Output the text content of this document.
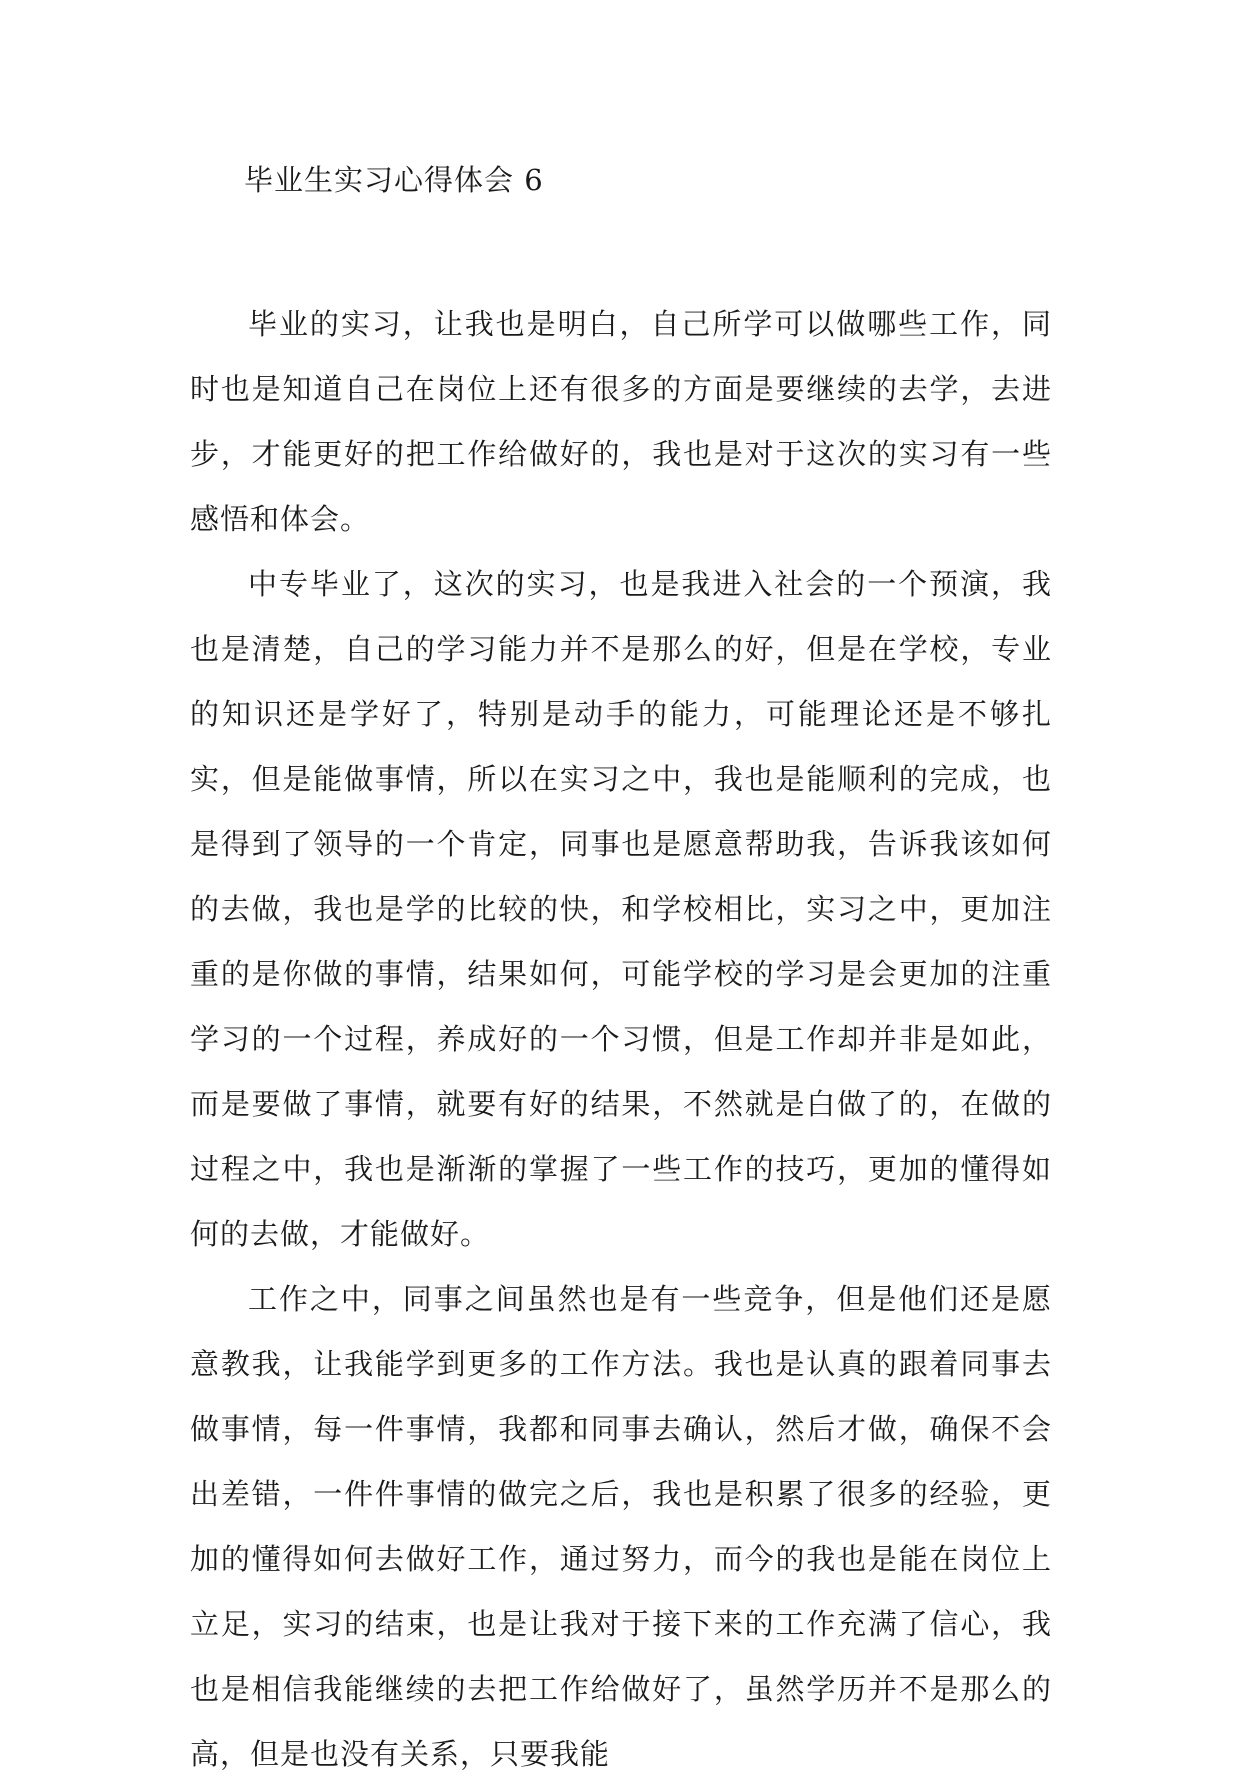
毕业生实习心得体会 6

毕业的实习，让我也是明白，自己所学可以做哪些工作，同时也是知道自己在岗位上还有很多的方面是要继续的去学，去进步，才能更好的把工作给做好的，我也是对于这次的实习有一些感悟和体会。

中专毕业了，这次的实习，也是我进入社会的一个预演，我也是清楚，自己的学习能力并不是那么的好，但是在学校，专业的知识还是学好了，特别是动手的能力，可能理论还是不够扎实，但是能做事情，所以在实习之中，我也是能顺利的完成，也是得到了领导的一个肯定，同事也是愿意帮助我，告诉我该如何的去做，我也是学的比较的快，和学校相比，实习之中，更加注重的是你做的事情，结果如何，可能学校的学习是会更加的注重学习的一个过程，养成好的一个习惯，但是工作却并非是如此，而是要做了事情，就要有好的结果，不然就是白做了的，在做的过程之中，我也是渐渐的掌握了一些工作的技巧，更加的懂得如何的去做，才能做好。

工作之中，同事之间虽然也是有一些竞争，但是他们还是愿意教我，让我能学到更多的工作方法。我也是认真的跟着同事去做事情，每一件事情，我都和同事去确认，然后才做，确保不会出差错，一件件事情的做完之后，我也是积累了很多的经验，更加的懂得如何去做好工作，通过努力，而今的我也是能在岗位上立足，实习的结束，也是让我对于接下来的工作充满了信心，我也是相信我能继续的去把工作给做好了，虽然学历并不是那么的高，但是也没有关系，只要我能
